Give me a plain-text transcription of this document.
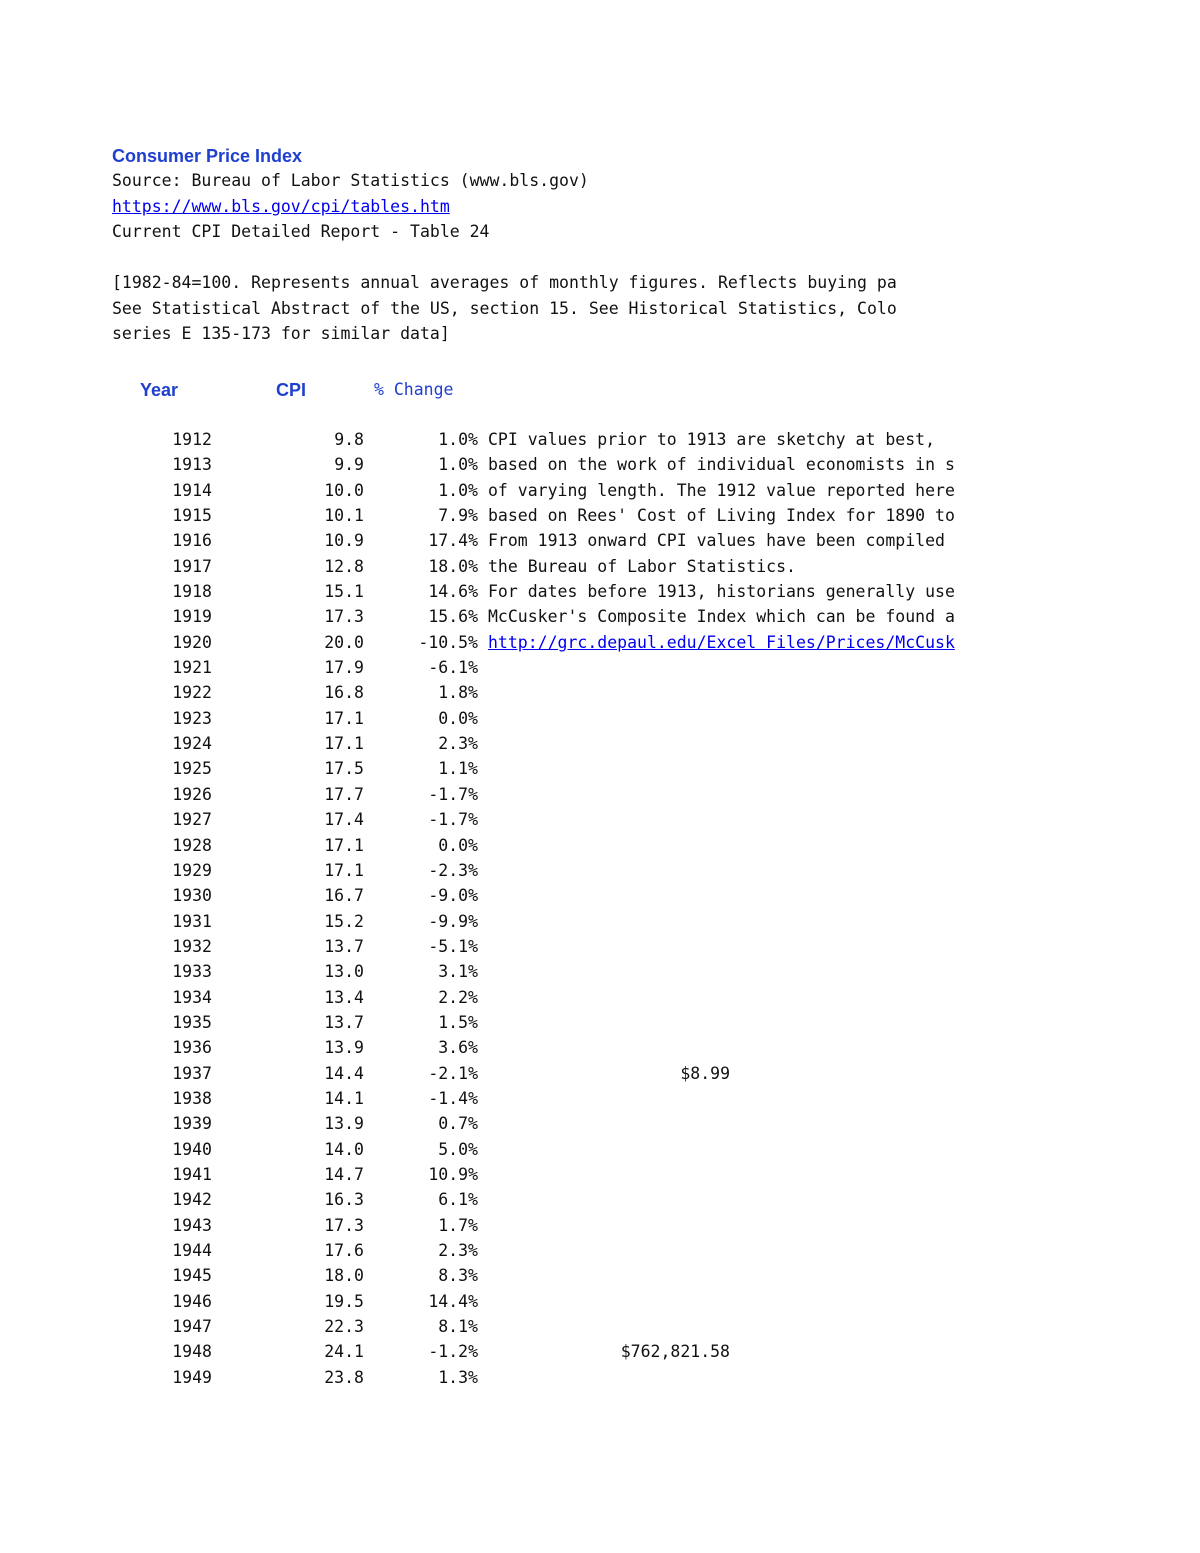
Consumer Price Index
Source: Bureau of Labor Statistics (www.bls.gov)
https://www.bls.gov/cpi/tables.htm
Current CPI Detailed Report - Table 24
[1982-84=100. Represents annual averages of monthly figures. Reflects buying pa
See Statistical Abstract of the US, section 15. See Historical Statistics, Colo
series E 135-173 for similar data]
Year	CPI	% Change
1912	9.8	1.0% CPI values prior to 1913 are sketchy at best,
1913	9.9	1.0% based on the work of individual economists in s
1914	10.0	1.0% of varying length. The 1912 value reported here
1915	10.1	7.9% based on Rees' Cost of Living Index for 1890 to
1916	10.9	17.4% From 1913 onward CPI values have been compiled
1917	12.8	18.0% the Bureau of Labor Statistics.
1918	15.1	14.6% For dates before 1913, historians generally use
1919	17.3	15.6% McCusker's Composite Index which can be found a
1920	20.0	-10.5% http://grc.depaul.edu/Excel Files/Prices/McCusk
1921	17.9	-6.1%
1922	16.8	1.8%
1923	17.1	0.0%
1924	17.1	2.3%
1925	17.5	1.1%
1926	17.7	-1.7%
1927	17.4	-1.7%
1928	17.1	0.0%
1929	17.1	-2.3%
1930	16.7	-9.0%
1931	15.2	-9.9%
1932	13.7	-5.1%
1933	13.0	3.1%
1934	13.4	2.2%
1935	13.7	1.5%
1936	13.9	3.6%
1937	14.4	-2.1%	$8.99
1938	14.1	-1.4%
1939	13.9	0.7%
1940	14.0	5.0%
1941	14.7	10.9%
1942	16.3	6.1%
1943	17.3	1.7%
1944	17.6	2.3%
1945	18.0	8.3%
1946	19.5	14.4%
1947	22.3	8.1%
1948	24.1	-1.2%	$762,821.58
1949	23.8	1.3%
